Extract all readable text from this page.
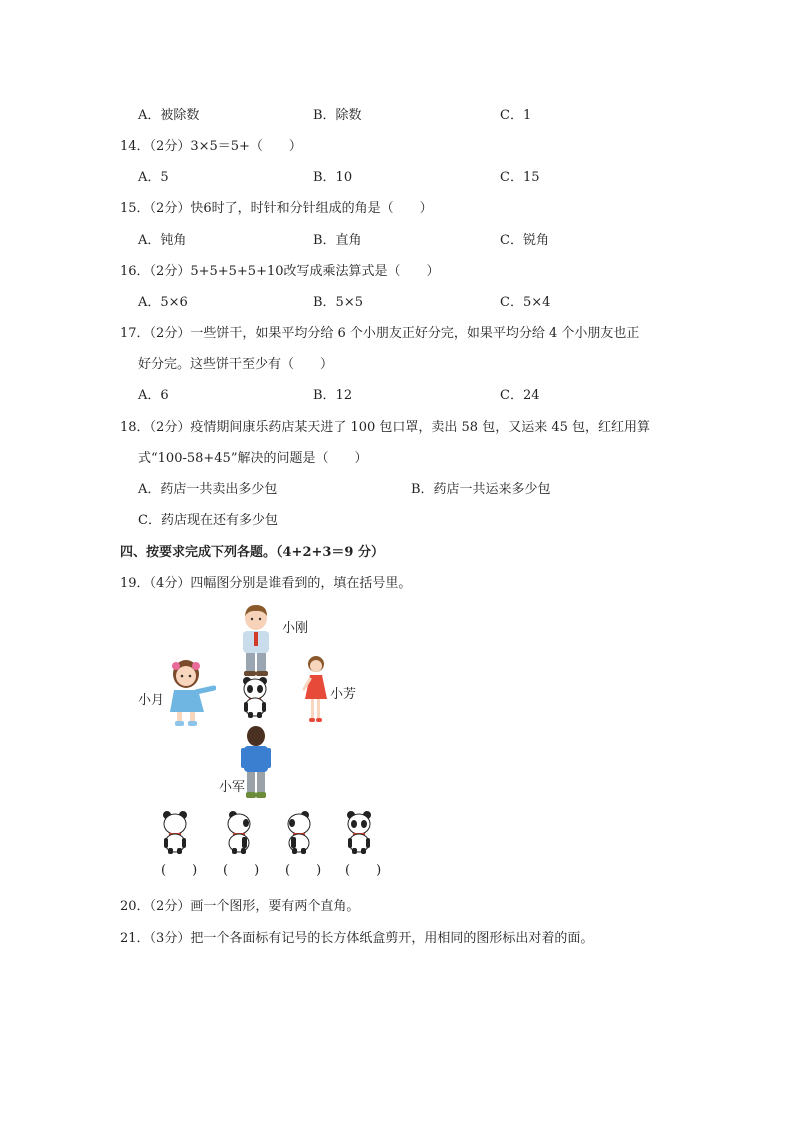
A．被除数	B．除数	C．1
14．（2分）3×5＝5+（　　）
A．5	B．10	C．15
15．（2分）快6时了，时针和分针组成的角是（　　）
A．钝角	B．直角	C．锐角
16．（2分）5+5+5+5+10改写成乘法算式是（　　）
A．5×6	B．5×5	C．5×4
17．（2分）一些饼干，如果平均分给 6 个小朋友正好分完，如果平均分给 4 个小朋友也正
好分完。这些饼干至少有（　　）
A．6	B．12	C．24
18．（2分）疫情期间康乐药店某天进了 100 包口罩，卖出 58 包，又运来 45 包，红红用算
式“100-58+45”解决的问题是（　　）
A．药店一共卖出多少包	B．药店一共运来多少包
C．药店现在还有多少包
四、按要求完成下列各题。（4+2+3＝9 分）
19．（4分）四幅图分别是谁看到的，填在括号里。
小刚
小月	小芳
小军
(　　) (　　) (　　) (　　)
20．（2分）画一个图形，要有两个直角。
21．（3分）把一个各面标有记号的长方体纸盒剪开，用相同的图形标出对着的面。
